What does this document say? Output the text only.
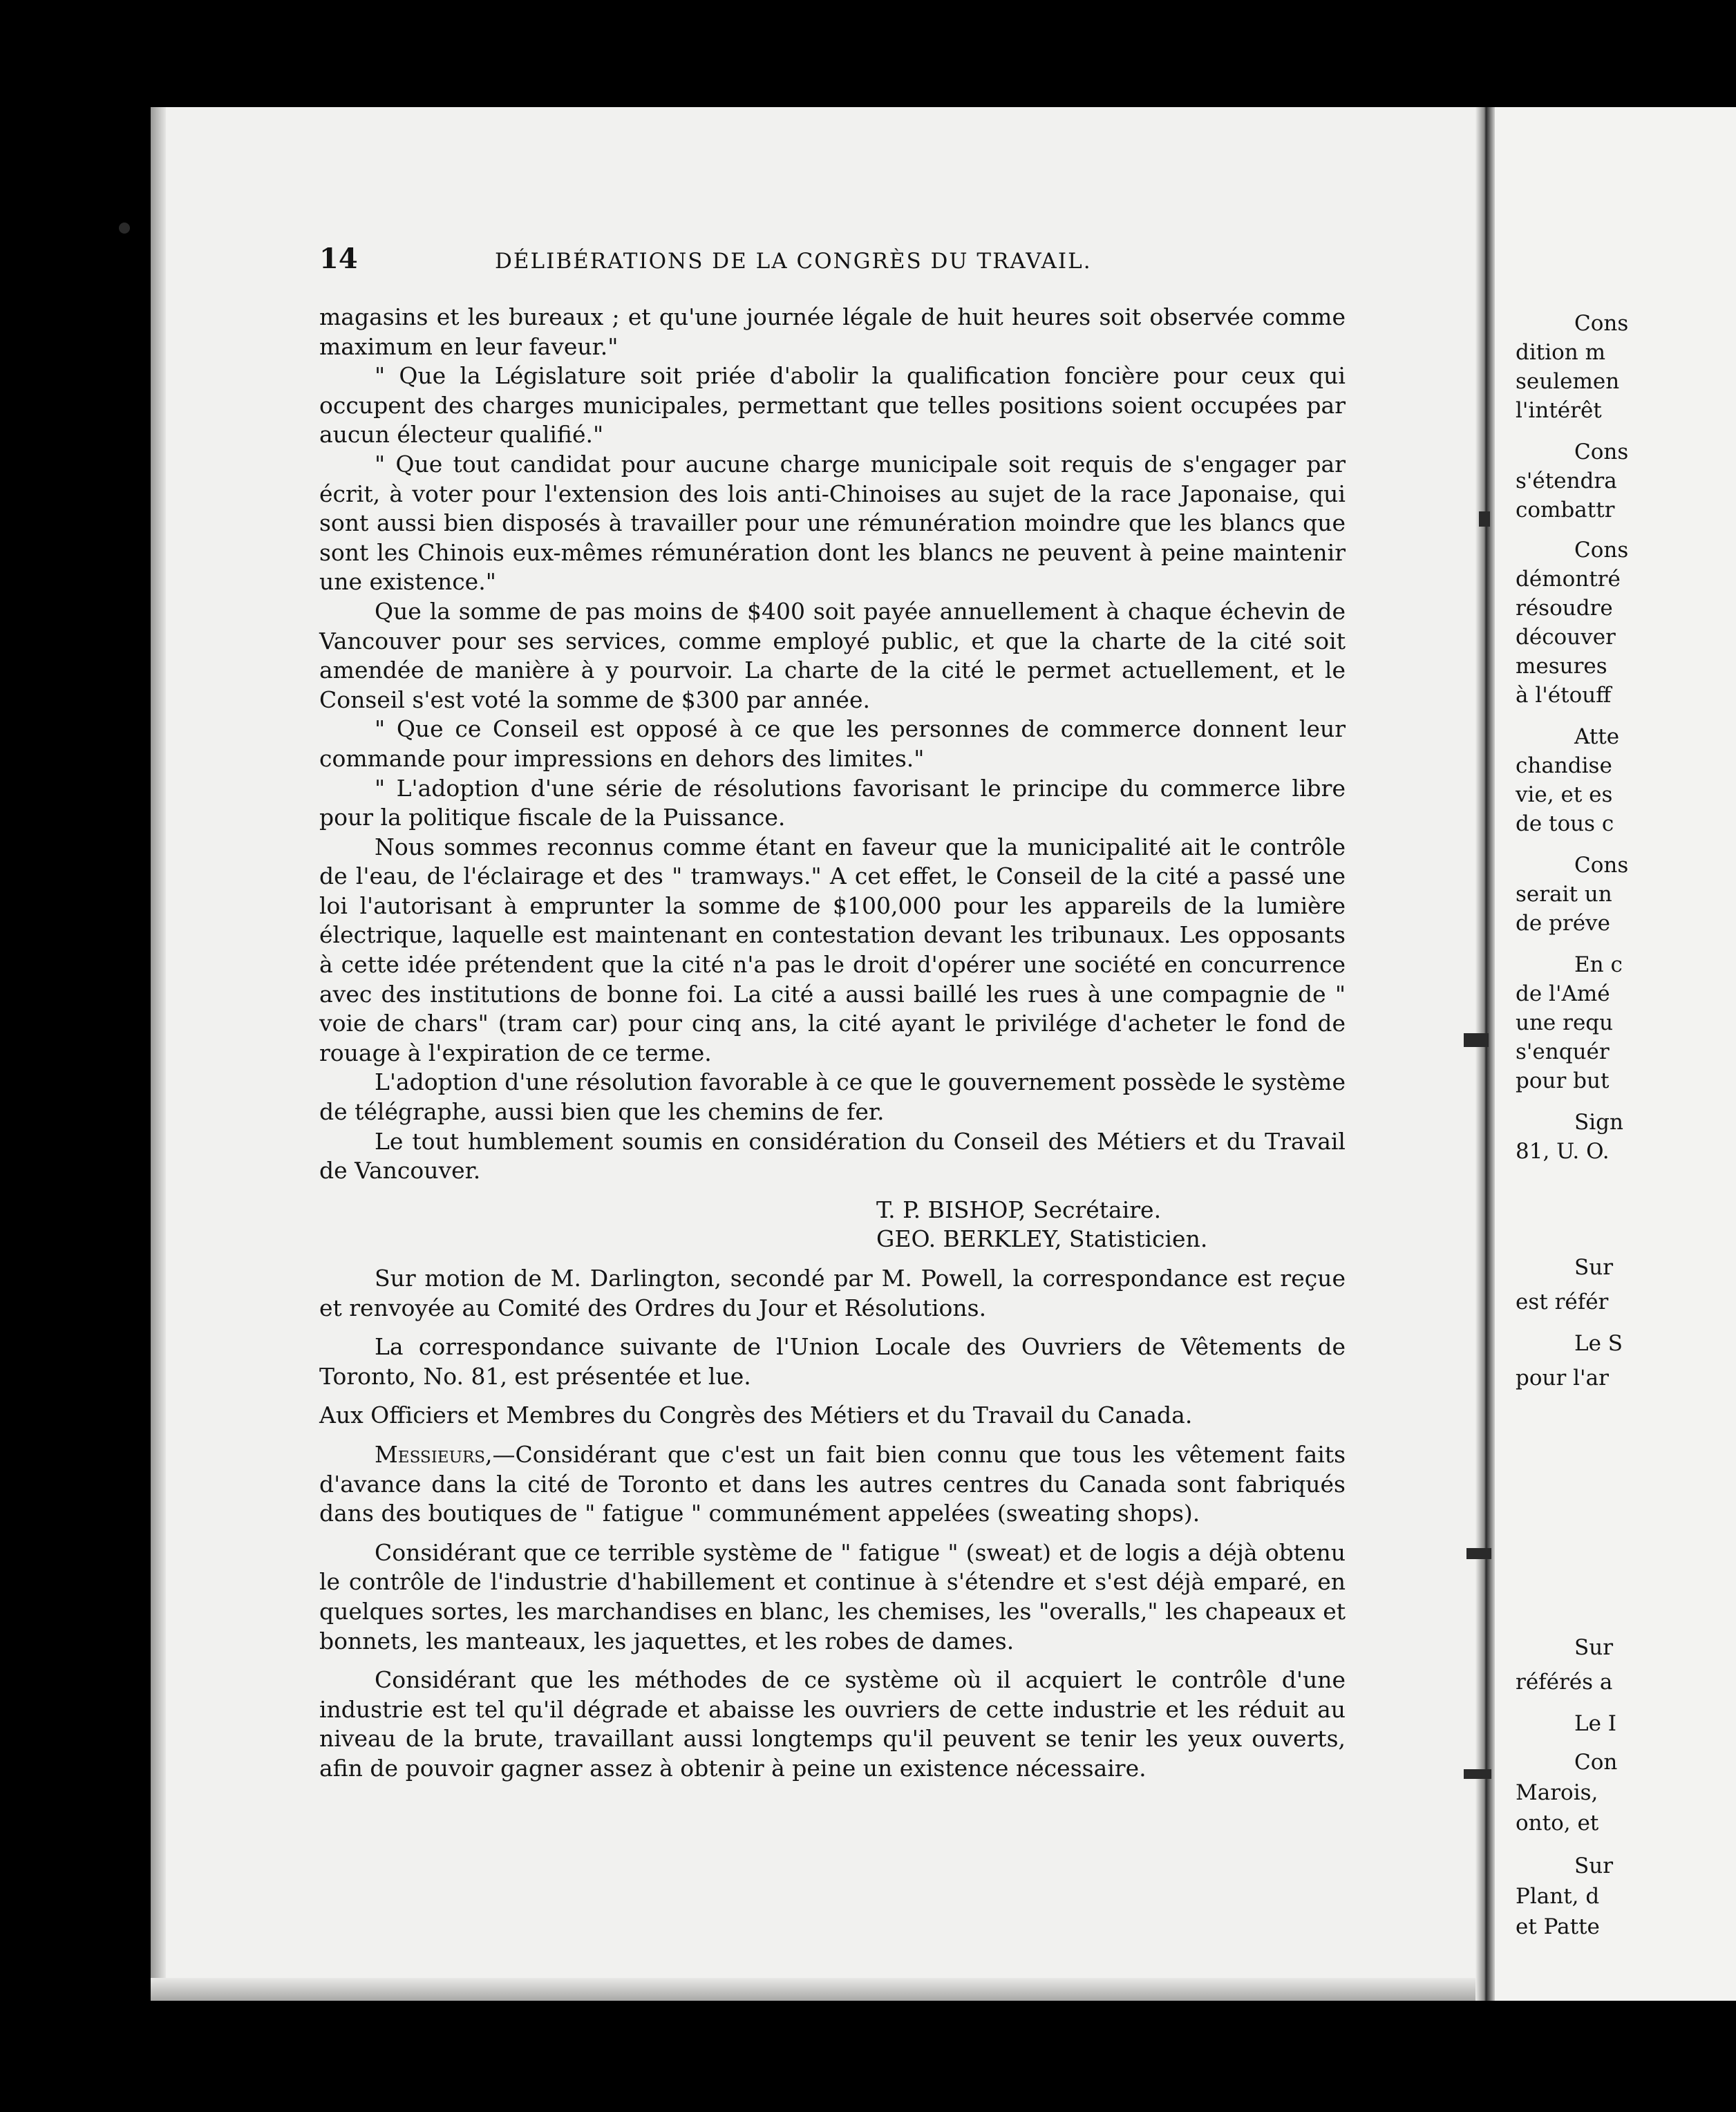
Cons

dition m

seulemen

l'intérêt

Cons

s'étendra

combattr

Cons

démontré

résoudre

découver

mesures

à l'étouff

Atte

chandise

vie, et es

de tous c

Cons

serait un

de préve

En c

de l'Amé

une requ

s'enquér

pour but

Sign

81, U. O.

Sur

est référ

Le S

pour l'ar

Sur

référés a

Le I

Con

Marois,

onto, et

Sur

Plant, d

et Patte

14	DÉLIBÉRATIONS DE LA CONGRÈS DU TRAVAIL.

magasins et les bureaux ; et qu'une journée légale de huit heures soit observée comme maximum en leur faveur."

" Que la Législature soit priée d'abolir la qualification foncière pour ceux qui occupent des charges municipales, permettant que telles positions soient occupées par aucun électeur qualifié."

" Que tout candidat pour aucune charge municipale soit requis de s'engager par écrit, à voter pour l'extension des lois anti-Chinoises au sujet de la race Japonaise, qui sont aussi bien disposés à travailler pour une rémunération moindre que les blancs que sont les Chinois eux-mêmes rémunération dont les blancs ne peuvent à peine maintenir une existence."

Que la somme de pas moins de $400 soit payée annuellement à chaque échevin de Vancouver pour ses services, comme employé public, et que la charte de la cité soit amendée de manière à y pourvoir. La charte de la cité le permet actuellement, et le Conseil s'est voté la somme de $300 par année.

" Que ce Conseil est opposé à ce que les personnes de commerce donnent leur commande pour impressions en dehors des limites."

" L'adoption d'une série de résolutions favorisant le principe du commerce libre pour la politique fiscale de la Puissance.

Nous sommes reconnus comme étant en faveur que la municipalité ait le contrôle de l'eau, de l'éclairage et des " tramways." A cet effet, le Conseil de la cité a passé une loi l'autorisant à emprunter la somme de $100,000 pour les appareils de la lumière électrique, laquelle est maintenant en contestation devant les tribunaux. Les opposants à cette idée prétendent que la cité n'a pas le droit d'opérer une société en concurrence avec des institutions de bonne foi. La cité a aussi baillé les rues à une compagnie de " voie de chars" (tram car) pour cinq ans, la cité ayant le privilége d'acheter le fond de rouage à l'expiration de ce terme.

L'adoption d'une résolution favorable à ce que le gouvernement possède le système de télégraphe, aussi bien que les chemins de fer.

Le tout humblement soumis en considération du Conseil des Métiers et du Travail de Vancouver.

T. P. BISHOP, Secrétaire.

GEO. BERKLEY, Statisticien.

Sur motion de M. Darlington, secondé par M. Powell, la correspondance est reçue et renvoyée au Comité des Ordres du Jour et Résolutions.

La correspondance suivante de l'Union Locale des Ouvriers de Vêtements de Toronto, No. 81, est présentée et lue.

Aux Officiers et Membres du Congrès des Métiers et du Travail du Canada.

Messieurs,—Considérant que c'est un fait bien connu que tous les vêtement faits d'avance dans la cité de Toronto et dans les autres centres du Canada sont fabriqués dans des boutiques de " fatigue " communément appelées (sweating shops).

Considérant que ce terrible système de " fatigue " (sweat) et de logis a déjà obtenu le contrôle de l'industrie d'habillement et continue à s'étendre et s'est déjà emparé, en quelques sortes, les marchandises en blanc, les chemises, les "overalls," les chapeaux et bonnets, les manteaux, les jaquettes, et les robes de dames.

Considérant que les méthodes de ce système où il acquiert le contrôle d'une industrie est tel qu'il dégrade et abaisse les ouvriers de cette industrie et les réduit au niveau de la brute, travaillant aussi longtemps qu'il peuvent se tenir les yeux ouverts, afin de pouvoir gagner assez à obtenir à peine un existence nécessaire.
